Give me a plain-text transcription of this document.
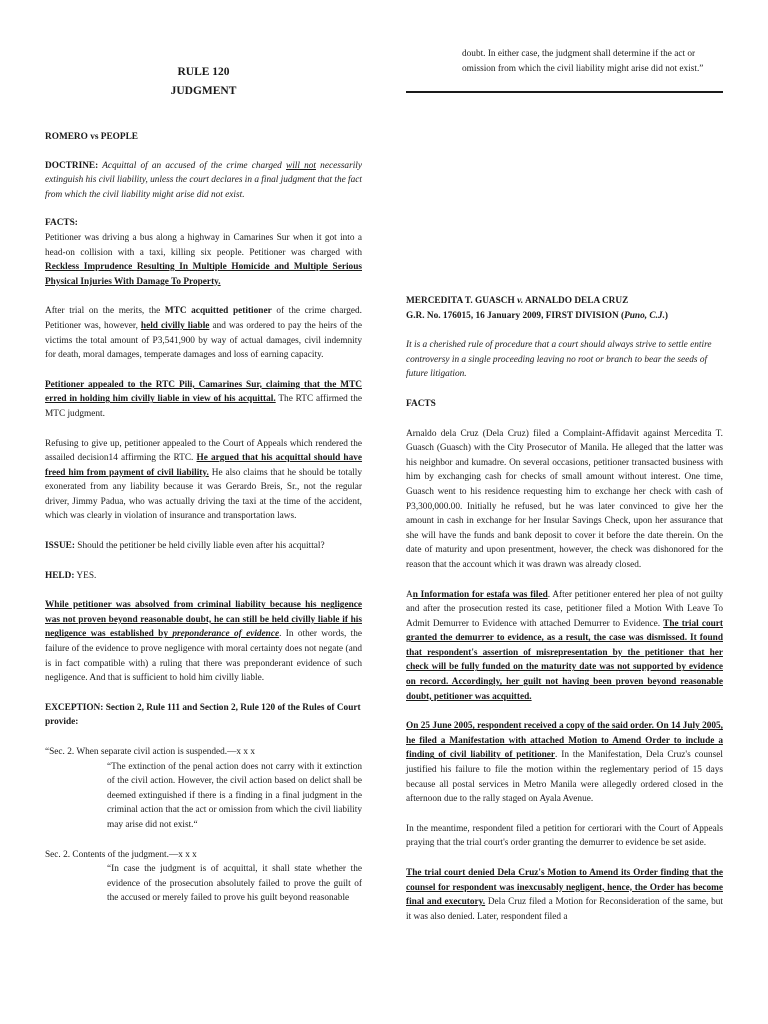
doubt. In either case, the judgment shall determine if the act or

omission from which the civil liability might arise did not exist.”

RULE 120
JUDGMENT

ROMERO vs PEOPLE

DOCTRINE: Acquittal of an accused of the crime charged will not necessarily extinguish his civil liability, unless the court declares in a final judgment that the fact from which the civil liability might arise did not exist.

FACTS:

Petitioner was driving a bus along a highway in Camarines Sur when it got into a head-on collision with a taxi, killing six people. Petitioner was charged with Reckless Imprudence Resulting In Multiple Homicide and Multiple Serious Physical Injuries With Damage To Property.

After trial on the merits, the MTC acquitted petitioner of the crime charged. Petitioner was, however, held civilly liable and was ordered to pay the heirs of the victims the total amount of P3,541,900 by way of actual damages, civil indemnity for death, moral damages, temperate damages and loss of earning capacity.

Petitioner appealed to the RTC Pili, Camarines Sur, claiming that the MTC erred in holding him civilly liable in view of his acquittal. The RTC affirmed the MTC judgment.

Refusing to give up, petitioner appealed to the Court of Appeals which rendered the assailed decision14 affirming the RTC. He argued that his acquittal should have freed him from payment of civil liability. He also claims that he should be totally exonerated from any liability because it was Gerardo Breis, Sr., not the regular driver, Jimmy Padua, who was actually driving the taxi at the time of the accident, which was clearly in violation of insurance and transportation laws.

ISSUE: Should the petitioner be held civilly liable even after his acquittal?

HELD: YES.

While petitioner was absolved from criminal liability because his negligence was not proven beyond reasonable doubt, he can still be held civilly liable if his negligence was established by preponderance of evidence. In other words, the failure of the evidence to prove negligence with moral certainty does not negate (and is in fact compatible with) a ruling that there was preponderant evidence of such negligence. And that is sufficient to hold him civilly liable.

EXCEPTION: Section 2, Rule 111 and Section 2, Rule 120 of the Rules of Court provide:

“Sec. 2. When separate civil action is suspended.—x x x

“The extinction of the penal action does not carry with it extinction of the civil action. However, the civil action based on delict shall be deemed extinguished if there is a finding in a final judgment in the criminal action that the act or omission from which the civil liability may arise did not exist.“

Sec. 2. Contents of the judgment.—x x x

“In case the judgment is of acquittal, it shall state whether the evidence of the prosecution absolutely failed to prove the guilt of the accused or merely failed to prove his guilt beyond reasonable

MERCEDITA T. GUASCH v. ARNALDO DELA CRUZ

G.R. No. 176015, 16 January 2009, FIRST DIVISION (Puno, C.J.)

It is a cherished rule of procedure that a court should always strive to settle entire controversy in a single proceeding leaving no root or branch to bear the seeds of future litigation.

FACTS

Arnaldo dela Cruz (Dela Cruz) filed a Complaint-Affidavit against Mercedita T. Guasch (Guasch) with the City Prosecutor of Manila. He alleged that the latter was his neighbor and kumadre. On several occasions, petitioner transacted business with him by exchanging cash for checks of small amount without interest. One time, Guasch went to his residence requesting him to exchange her check with cash of P3,300,000.00. Initially he refused, but he was later convinced to give her the amount in cash in exchange for her Insular Savings Check, upon her assurance that she will have the funds and bank deposit to cover it before the date therein. On the date of maturity and upon presentment, however, the check was dishonored for the reason that the account which it was drawn was already closed.

An Information for estafa was filed. After petitioner entered her plea of not guilty and after the prosecution rested its case, petitioner filed a Motion With Leave To Admit Demurrer to Evidence with attached Demurrer to Evidence. The trial court granted the demurrer to evidence, as a result, the case was dismissed. It found that respondent's assertion of misrepresentation by the petitioner that her check will be fully funded on the maturity date was not supported by evidence on record. Accordingly, her guilt not having been proven beyond reasonable doubt, petitioner was acquitted.

On 25 June 2005, respondent received a copy of the said order. On 14 July 2005, he filed a Manifestation with attached Motion to Amend Order to include a finding of civil liability of petitioner. In the Manifestation, Dela Cruz's counsel justified his failure to file the motion within the reglementary period of 15 days because all postal services in Metro Manila were allegedly ordered closed in the afternoon due to the rally staged on Ayala Avenue.

In the meantime, respondent filed a petition for certiorari with the Court of Appeals praying that the trial court's order granting the demurrer to evidence be set aside.

The trial court denied Dela Cruz's Motion to Amend its Order finding that the counsel for respondent was inexcusably negligent, hence, the Order has become final and executory. Dela Cruz filed a Motion for Reconsideration of the same, but it was also denied. Later, respondent filed a
